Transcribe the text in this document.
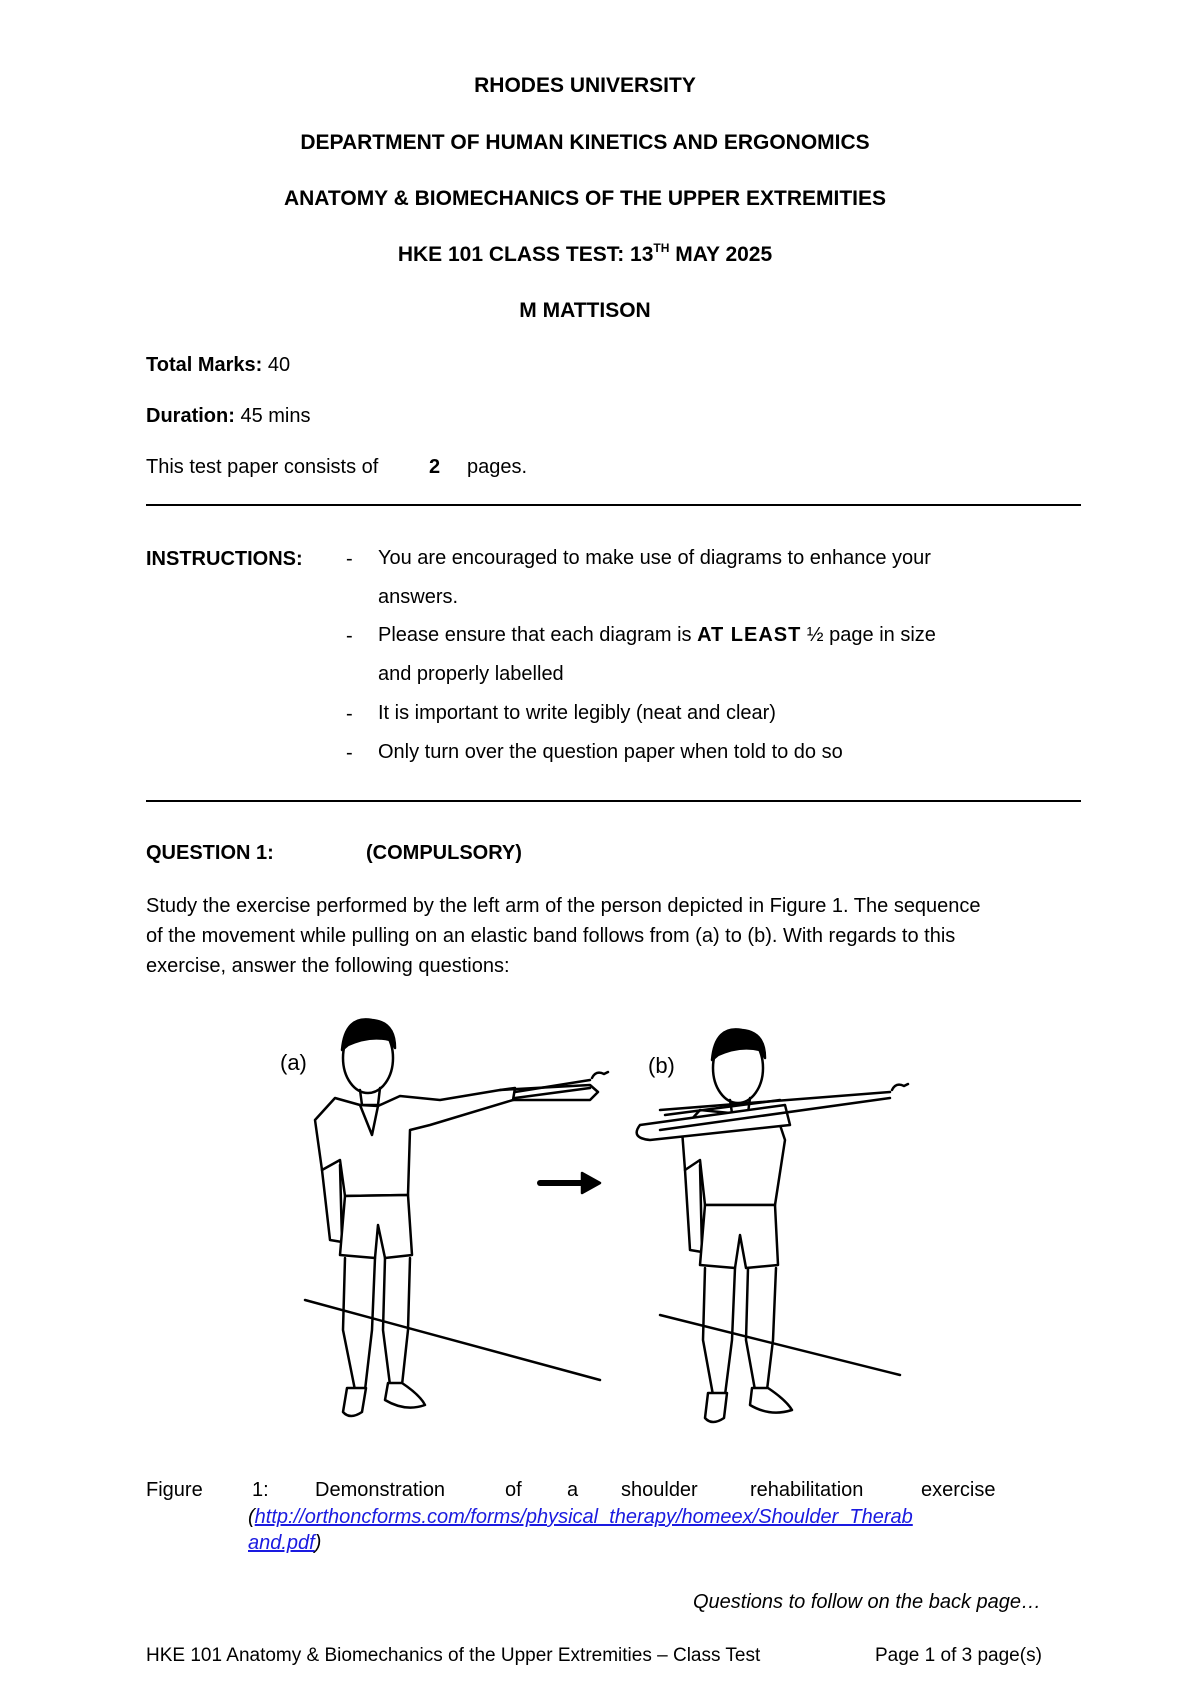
RHODES UNIVERSITY
DEPARTMENT OF HUMAN KINETICS AND ERGONOMICS
ANATOMY & BIOMECHANICS OF THE UPPER EXTREMITIES
HKE 101 CLASS TEST: 13TH MAY 2025
M MATTISON
Total Marks: 40
Duration: 45 mins
This test paper consists of	2 pages.
INSTRUCTIONS: - You are encouraged to make use of diagrams to enhance your
answers.
- Please ensure that each diagram is AT LEAST ½ page in size
and properly labelled
- It is important to write legibly (neat and clear)
- Only turn over the question paper when told to do so
QUESTION 1:	(COMPULSORY)
Study the exercise performed by the left arm of the person depicted in Figure 1. The sequence
of the movement while pulling on an elastic band follows from (a) to (b). With regards to this
exercise, answer the following questions:
(a)	(b)
Figure 1: Demonstration	of a shoulder	rehabilitation	exercise
(http://orthoncforms.com/forms/physical_therapy/homeex/Shoulder_Therab
and.pdf)
Questions to follow on the back page…
HKE 101 Anatomy & Biomechanics of the Upper Extremities – Class Test	Page 1 of 3 page(s)
